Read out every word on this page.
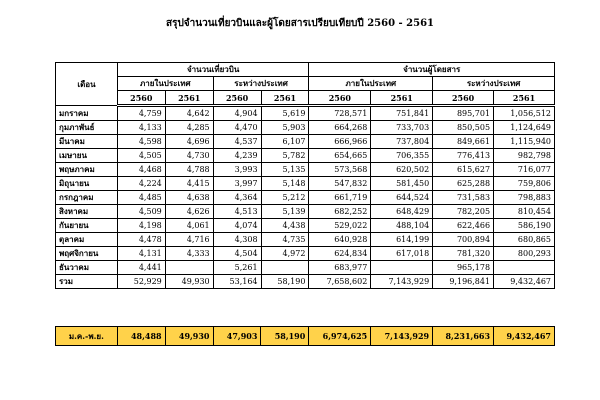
สรุปจำนวนเที่ยวบินและผู้โดยสารเปรียบเทียบปี 2560 - 2561
เดือน	จำนวนเที่ยวบิน				จำนวนผู้โดยสาร			
	ภายในประเทศ		ระหว่างประเทศ		ภายในประเทศ		ระหว่างประเทศ	
	2560	2561	2560	2561	2560	2561	2560	2561
มกราคม	4,759	4,642	4,904	5,619	728,571	751,841	895,701	1,056,512
กุมภาพันธ์	4,133	4,285	4,470	5,903	664,268	733,703	850,505	1,124,649
มีนาคม	4,598	4,696	4,537	6,107	666,966	737,804	849,661	1,115,940
เมษายน	4,505	4,730	4,239	5,782	654,665	706,355	776,413	982,798
พฤษภาคม	4,468	4,788	3,993	5,135	573,568	620,502	615,627	716,077
มิถุนายน	4,224	4,415	3,997	5,148	547,832	581,450	625,288	759,806
กรกฎาคม	4,485	4,638	4,364	5,212	661,719	644,524	731,583	798,883
สิงหาคม	4,509	4,626	4,513	5,139	682,252	648,429	782,205	810,454
กันยายน	4,198	4,061	4,074	4,438	529,022	488,104	622,466	586,190
ตุลาคม	4,478	4,716	4,308	4,735	640,928	614,199	700,894	680,865
พฤศจิกายน	4,131	4,333	4,504	4,972	624,834	617,018	781,320	800,293
ธันวาคม	4,441		5,261		683,977		965,178	
รวม	52,929	49,930	53,164	58,190	7,658,602	7,143,929	9,196,841	9,432,467
ม.ค.-พ.ย.	48,488	49,930	47,903	58,190	6,974,625	7,143,929	8,231,663	9,432,467
